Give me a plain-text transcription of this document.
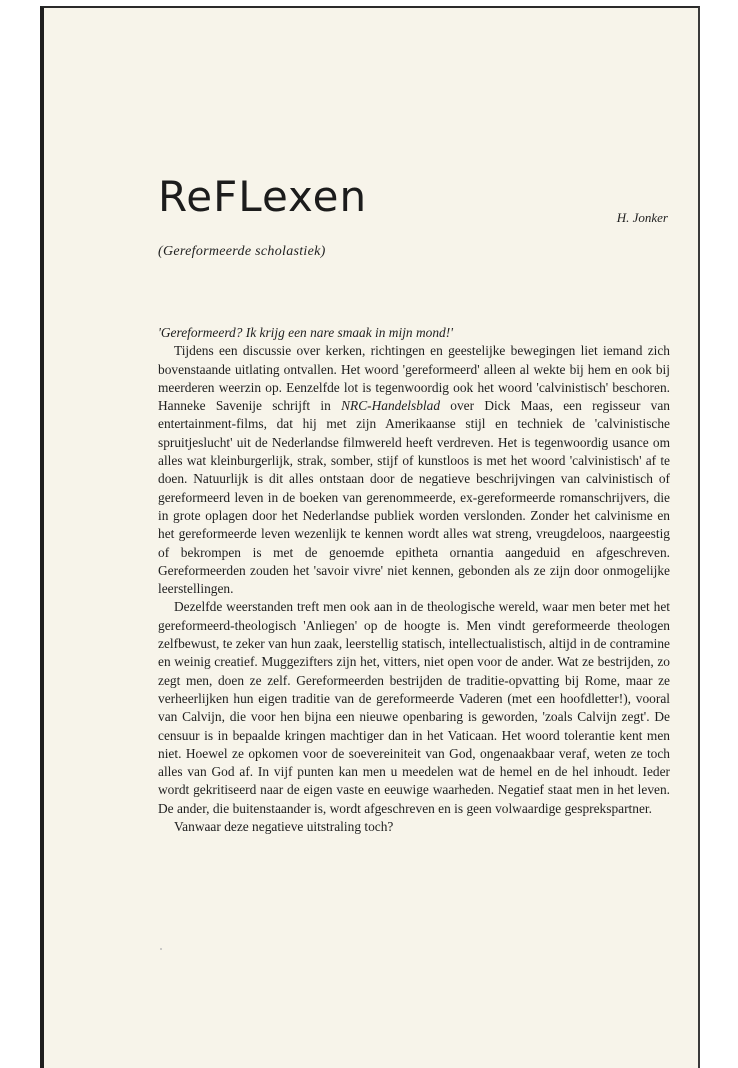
ReFLexen	H. Jonker

(Gereformeerde scholastiek)

'Gereformeerd? Ik krijg een nare smaak in mijn mond!'

Tijdens een discussie over kerken, richtingen en geestelijke bewegingen liet iemand zich bovenstaande uitlating ontvallen. Het woord 'gereformeerd' alleen al wekte bij hem en ook bij meerderen weerzin op. Eenzelfde lot is tegenwoordig ook het woord 'calvinistisch' beschoren. Hanneke Savenije schrijft in NRC-Handelsblad over Dick Maas, een regisseur van entertainment-films, dat hij met zijn Amerikaanse stijl en techniek de 'calvinistische spruitjeslucht' uit de Nederlandse filmwereld heeft verdreven. Het is tegenwoordig usance om alles wat kleinburgerlijk, strak, somber, stijf of kunstloos is met het woord 'calvinistisch' af te doen. Natuurlijk is dit alles ontstaan door de negatieve beschrijvingen van calvinistisch of gereformeerd leven in de boeken van gerenommeerde, ex-gereformeerde romanschrijvers, die in grote oplagen door het Nederlandse publiek worden verslonden. Zonder het calvinisme en het gereformeerde leven wezenlijk te kennen wordt alles wat streng, vreugdeloos, naargeestig of bekrompen is met de genoemde epitheta ornantia aangeduid en afgeschreven. Gereformeerden zouden het 'savoir vivre' niet kennen, gebonden als ze zijn door onmogelijke leerstellingen.

Dezelfde weerstanden treft men ook aan in de theologische wereld, waar men beter met het gereformeerd-theologisch 'Anliegen' op de hoogte is. Men vindt gereformeerde theologen zelfbewust, te zeker van hun zaak, leerstellig statisch, intellectualistisch, altijd in de contramine en weinig creatief. Muggezifters zijn het, vitters, niet open voor de ander. Wat ze bestrijden, zo zegt men, doen ze zelf. Gereformeerden bestrijden de traditie-opvatting bij Rome, maar ze verheerlijken hun eigen traditie van de gereformeerde Vaderen (met een hoofdletter!), vooral van Calvijn, die voor hen bijna een nieuwe openbaring is geworden, 'zoals Calvijn zegt'. De censuur is in bepaalde kringen machtiger dan in het Vaticaan. Het woord tolerantie kent men niet. Hoewel ze opkomen voor de soevereiniteit van God, ongenaakbaar veraf, weten ze toch alles van God af. In vijf punten kan men u meedelen wat de hemel en de hel inhoudt. Ieder wordt gekritiseerd naar de eigen vaste en eeuwige waarheden. Negatief staat men in het leven. De ander, die buitenstaander is, wordt afgeschreven en is geen volwaardige gesprekspartner.

Vanwaar deze negatieve uitstraling toch?
